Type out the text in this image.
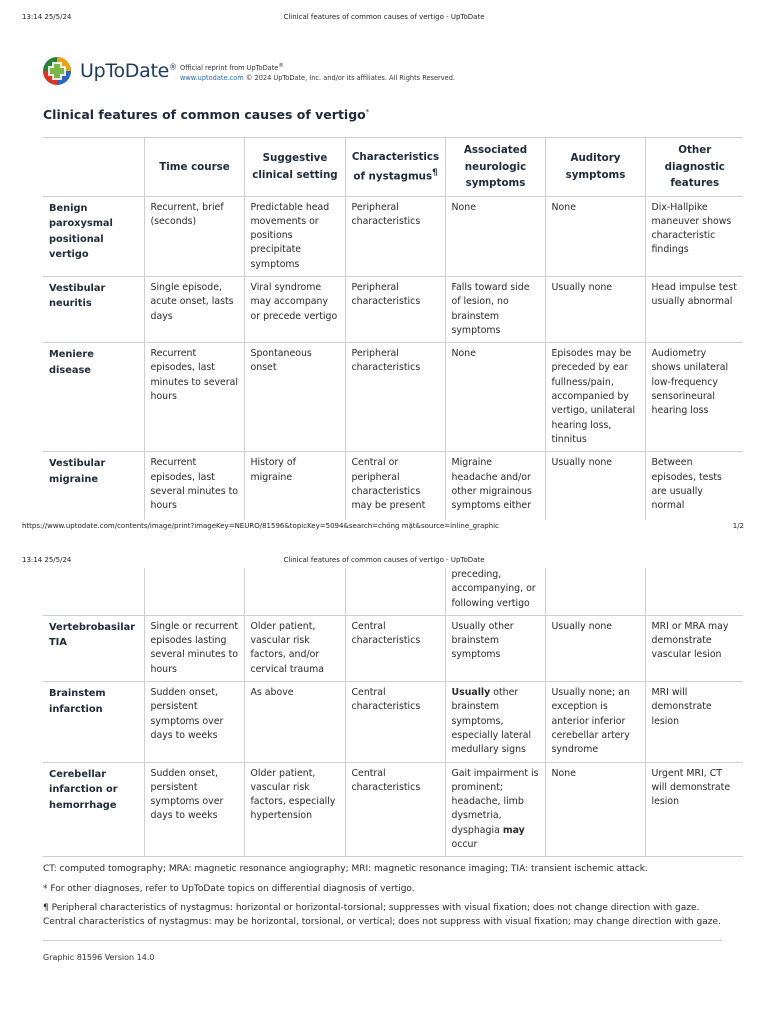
13:14 25/5/24	Clinical features of common causes of vertigo - UpToDate
UpToDate® Official reprint from UpToDate®
www.uptodate.com © 2024 UpToDate, Inc. and/or its affiliates. All Rights Reserved.
Clinical features of common causes of vertigo*
	Time course	Suggestive clinical setting	Characteristics of nystagmus¶	Associated neurologic symptoms	Auditory symptoms	Other diagnostic features
Benign paroxysmal positional vertigo	Recurrent, brief (seconds)	Predictable head movements or positions precipitate symptoms	Peripheral characteristics	None	None	Dix-Hallpike maneuver shows characteristic findings
Vestibular neuritis	Single episode, acute onset, lasts days	Viral syndrome may accompany or precede vertigo	Peripheral characteristics	Falls toward side of lesion, no brainstem symptoms	Usually none	Head impulse test usually abnormal
Meniere disease	Recurrent episodes, last minutes to several hours	Spontaneous onset	Peripheral characteristics	None	Episodes may be preceded by ear fullness/pain, accompanied by vertigo, unilateral hearing loss, tinnitus	Audiometry shows unilateral low-frequency sensorineural hearing loss
Vestibular migraine	Recurrent episodes, last several minutes to hours	History of migraine	Central or peripheral characteristics may be present	Migraine headache and/or other migrainous symptoms either	Usually none	Between episodes, tests are usually normal
https://www.uptodate.com/contents/image/print?imageKey=NEURO/81596&topicKey=5094&search=chóng mặt&source=inline_graphic	1/2
13:14 25/5/24	Clinical features of common causes of vertigo - UpToDate
				preceding, accompanying, or following vertigo		
Vertebrobasilar TIA	Single or recurrent episodes lasting several minutes to hours	Older patient, vascular risk factors, and/or cervical trauma	Central characteristics	Usually other brainstem symptoms	Usually none	MRI or MRA may demonstrate vascular lesion
Brainstem infarction	Sudden onset, persistent symptoms over days to weeks	As above	Central characteristics	Usually other brainstem symptoms, especially lateral medullary signs	Usually none; an exception is anterior inferior cerebellar artery syndrome	MRI will demonstrate lesion
Cerebellar infarction or hemorrhage	Sudden onset, persistent symptoms over days to weeks	Older patient, vascular risk factors, especially hypertension	Central characteristics	Gait impairment is prominent; headache, limb dysmetria, dysphagia may occur	None	Urgent MRI, CT will demonstrate lesion

CT: computed tomography; MRA: magnetic resonance angiography; MRI: magnetic resonance imaging; TIA: transient ischemic attack.

* For other diagnoses, refer to UpToDate topics on differential diagnosis of vertigo.

¶ Peripheral characteristics of nystagmus: horizontal or horizontal-torsional; suppresses with visual fixation; does not change direction with gaze.

Central characteristics of nystagmus: may be horizontal, torsional, or vertical; does not suppress with visual fixation; may change direction with gaze.

Graphic 81596 Version 14.0
